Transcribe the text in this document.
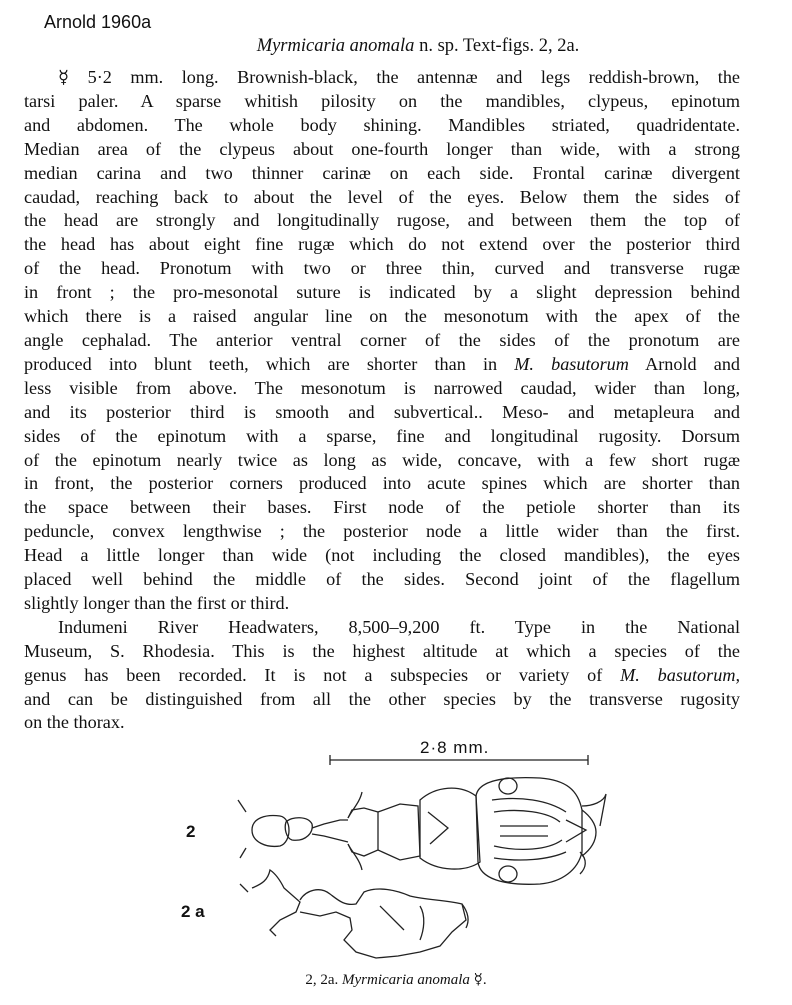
Arnold 1960a
Myrmicaria anomala n. sp. Text-figs. 2, 2a.
☿ 5·2 mm. long. Brownish-black, the antennæ and legs reddish-brown, the
tarsi paler. A sparse whitish pilosity on the mandibles, clypeus, epinotum
and abdomen. The whole body shining. Mandibles striated, quadridentate.
Median area of the clypeus about one-fourth longer than wide, with a strong
median carina and two thinner carinæ on each side. Frontal carinæ divergent
caudad, reaching back to about the level of the eyes. Below them the sides of
the head are strongly and longitudinally rugose, and between them the top of
the head has about eight fine rugæ which do not extend over the posterior third
of the head. Pronotum with two or three thin, curved and transverse rugæ
in front ; the pro-mesonotal suture is indicated by a slight depression behind
which there is a raised angular line on the mesonotum with the apex of the
angle cephalad. The anterior ventral corner of the sides of the pronotum are
produced into blunt teeth, which are shorter than in M. basutorum Arnold and
less visible from above. The mesonotum is narrowed caudad, wider than long,
and its posterior third is smooth and subvertical.. Meso- and metapleura and
sides of the epinotum with a sparse, fine and longitudinal rugosity. Dorsum
of the epinotum nearly twice as long as wide, concave, with a few short rugæ
in front, the posterior corners produced into acute spines which are shorter than
the space between their bases. First node of the petiole shorter than its
peduncle, convex lengthwise ; the posterior node a little wider than the first.
Head a little longer than wide (not including the closed mandibles), the eyes
placed well behind the middle of the sides. Second joint of the flagellum
slightly longer than the first or third.
Indumeni River Headwaters, 8,500–9,200 ft. Type in the National
Museum, S. Rhodesia. This is the highest altitude at which a species of the
genus has been recorded. It is not a subspecies or variety of M. basutorum,
and can be distinguished from all the other species by the transverse rugosity
on the thorax.
2·8 mm.
2
2 a
2, 2a. Myrmicaria anomala ☿.
